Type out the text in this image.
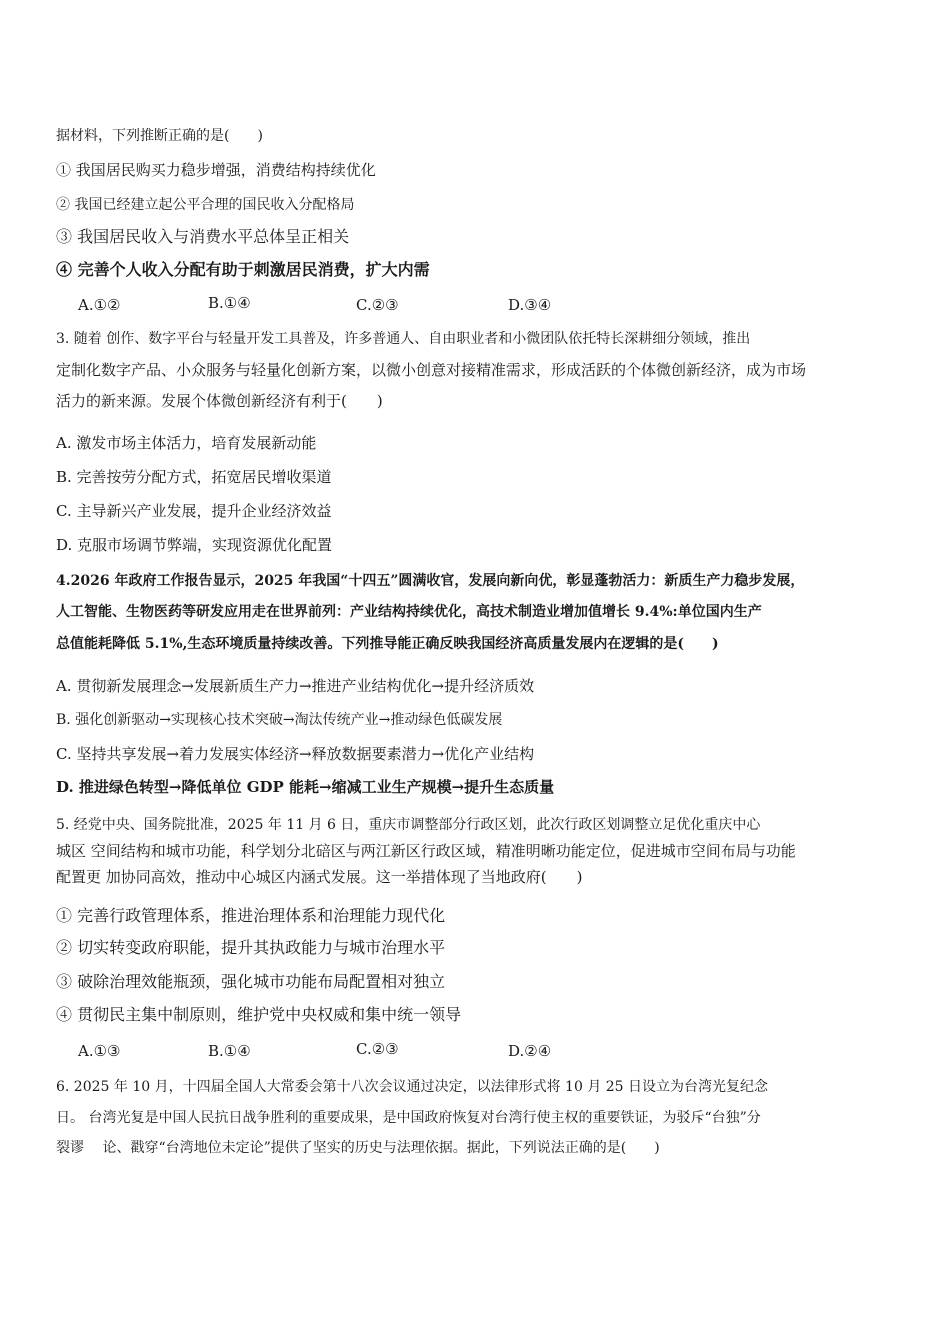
据材料，下列推断正确的是(　　)
① 我国居民购买力稳步增强，消费结构持续优化
② 我国已经建立起公平合理的国民收入分配格局
③ 我国居民收入与消费水平总体呈正相关
④ 完善个人收入分配有助于刺激居民消费，扩大内需
A.①②	B.①④	C.②③	D.③④
3. 随着 创作、数字平台与轻量开发工具普及，许多普通人、自由职业者和小微团队依托特长深耕细分领域，推出
定制化数字产品、小众服务与轻量化创新方案，以微小创意对接精准需求，形成活跃的个体微创新经济，成为市场
活力的新来源。发展个体微创新经济有利于(　　)
A. 激发市场主体活力，培育发展新动能
B. 完善按劳分配方式，拓宽居民增收渠道
C. 主导新兴产业发展，提升企业经济效益
D. 克服市场调节弊端，实现资源优化配置
4.2026 年政府工作报告显示，2025 年我国“十四五”圆满收官，发展向新向优，彰显蓬勃活力：新质生产力稳步发展，
人工智能、生物医药等研发应用走在世界前列：产业结构持续优化，高技术制造业增加值增长 9.4%:单位国内生产
总值能耗降低 5.1%,生态环境质量持续改善。下列推导能正确反映我国经济高质量发展内在逻辑的是(　　)
A. 贯彻新发展理念→发展新质生产力→推进产业结构优化→提升经济质效
B. 强化创新驱动→实现核心技术突破→淘汰传统产业→推动绿色低碳发展
C. 坚持共享发展→着力发展实体经济→释放数据要素潜力→优化产业结构
D. 推进绿色转型→降低单位 GDP 能耗→缩减工业生产规模→提升生态质量
5. 经党中央、国务院批准，2025 年 11 月 6 日，重庆市调整部分行政区划，此次行政区划调整立足优化重庆中心
城区 空间结构和城市功能，科学划分北碚区与两江新区行政区域，精准明晰功能定位，促进城市空间布局与功能
配置更 加协同高效，推动中心城区内涵式发展。这一举措体现了当地政府(　　)
① 完善行政管理体系，推进治理体系和治理能力现代化
② 切实转变政府职能，提升其执政能力与城市治理水平
③ 破除治理效能瓶颈，强化城市功能布局配置相对独立
④ 贯彻民主集中制原则，维护党中央权威和集中统一领导
A.①③	B.①④	C.②③	D.②④
6. 2025 年 10 月，十四届全国人大常委会第十八次会议通过决定，以法律形式将 10 月 25 日设立为台湾光复纪念
日。 台湾光复是中国人民抗日战争胜利的重要成果，是中国政府恢复对台湾行使主权的重要铁证，为驳斥“台独”分
裂谬　 论、戳穿“台湾地位未定论”提供了坚实的历史与法理依据。据此，下列说法正确的是(　　)
